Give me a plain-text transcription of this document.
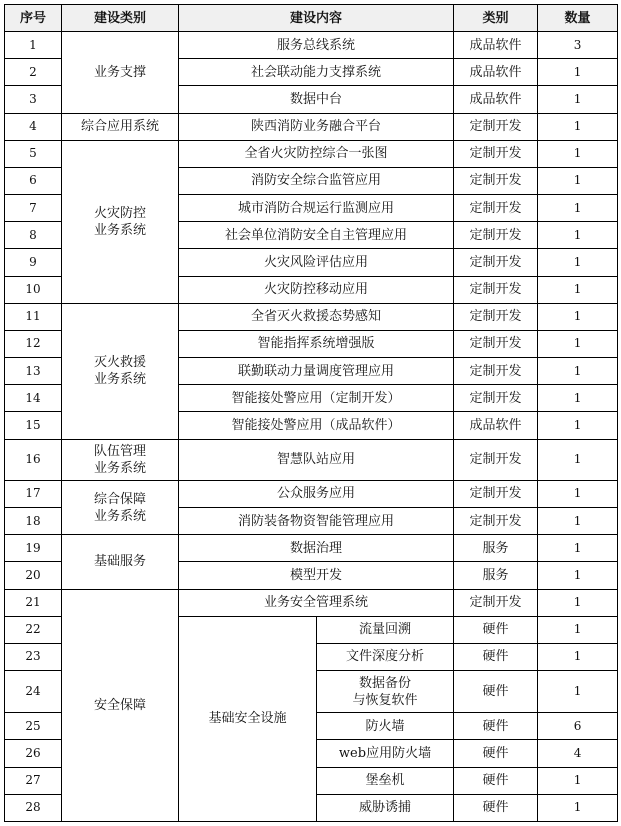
序号	建设类别	建设内容		类别	数量
1	业务支撑	服务总线系统		成品软件	3
2		社会联动能力支撑系统		成品软件	1
3		数据中台		成品软件	1
4	综合应用系统	陕西消防业务融合平台		定制开发	1
5	火灾防控
业务系统	全省火灾防控综合一张图		定制开发	1
6		消防安全综合监管应用		定制开发	1
7		城市消防合规运行监测应用		定制开发	1
8		社会单位消防安全自主管理应用		定制开发	1
9		火灾风险评估应用		定制开发	1
10		火灾防控移动应用		定制开发	1
11	灭火救援
业务系统	全省灭火救援态势感知		定制开发	1
12		智能指挥系统增强版		定制开发	1
13		联勤联动力量调度管理应用		定制开发	1
14		智能接处警应用（定制开发）		定制开发	1
15		智能接处警应用（成品软件）		成品软件	1
16	队伍管理
业务系统	智慧队站应用		定制开发	1
17	综合保障
业务系统	公众服务应用		定制开发	1
18		消防装备物资智能管理应用		定制开发	1
19	基础服务	数据治理		服务	1
20		模型开发		服务	1
21	安全保障	业务安全管理系统		定制开发	1
22		基础安全设施	流量回溯	硬件	1
23			文件深度分析	硬件	1
24			数据备份
与恢复软件	硬件	1
25			防火墙	硬件	6
26			web应用防火墙	硬件	4
27			堡垒机	硬件	1
28			威胁诱捕	硬件	1
